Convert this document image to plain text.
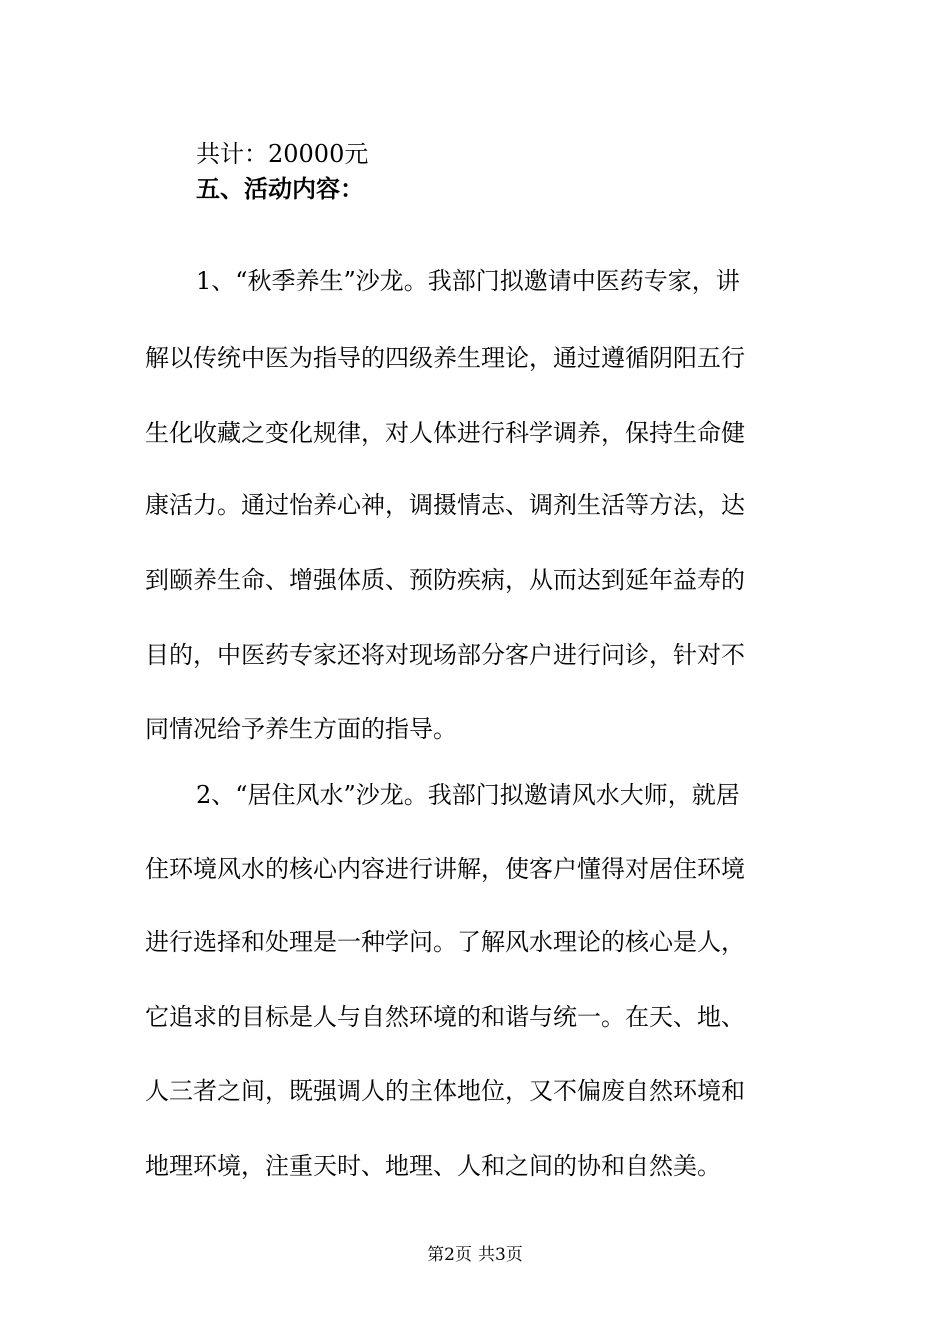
共计：20000元
五、活动内容：
1、“秋季养生”沙龙。我部门拟邀请中医药专家，讲
解以传统中医为指导的四级养生理论，通过遵循阴阳五行
生化收藏之变化规律，对人体进行科学调养，保持生命健
康活力。通过怡养心神，调摄情志、调剂生活等方法，达
到颐养生命、增强体质、预防疾病，从而达到延年益寿的
目的，中医药专家还将对现场部分客户进行问诊，针对不
同情况给予养生方面的指导。
2、“居住风水”沙龙。我部门拟邀请风水大师，就居
住环境风水的核心内容进行讲解，使客户懂得对居住环境
进行选择和处理是一种学问。了解风水理论的核心是人，
它追求的目标是人与自然环境的和谐与统一。在天、地、
人三者之间，既强调人的主体地位，又不偏废自然环境和
地理环境，注重天时、地理、人和之间的协和自然美。
第2页 共3页
